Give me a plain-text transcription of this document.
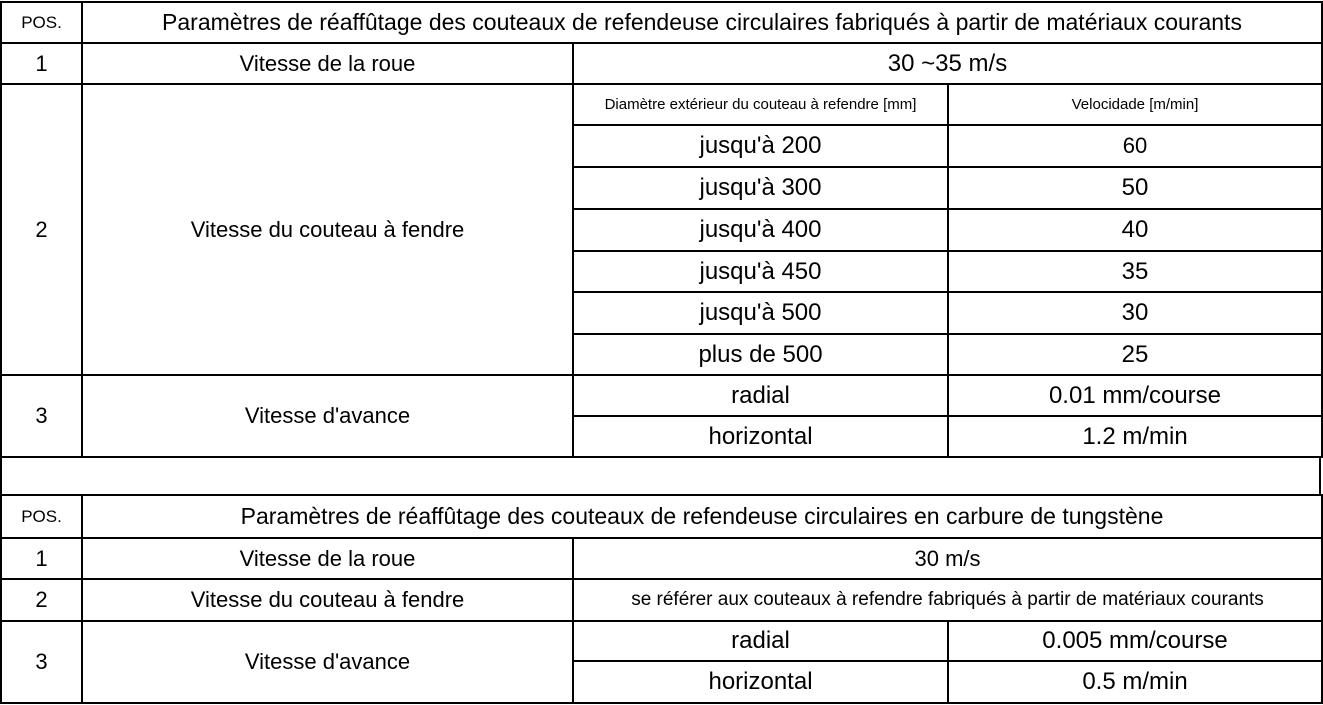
POS.	Paramètres de réaffûtage des couteaux de refendeuse circulaires fabriqués à partir de matériaux courants		
1	Vitesse de la roue	30 ~35 m/s	
2	Vitesse du couteau à fendre	Diamètre extérieur du couteau à refendre [mm]	Velocidade [m/min]
		jusqu'à 200	60
		jusqu'à 300	50
		jusqu'à 400	40
		jusqu'à 450	35
		jusqu'à 500	30
		plus de 500	25
3	Vitesse d'avance	radial	0.01 mm/course
		horizontal	1.2 m/min
POS.	Paramètres de réaffûtage des couteaux de refendeuse circulaires en carbure de tungstène		
1	Vitesse de la roue	30 m/s	
2	Vitesse du couteau à fendre	se référer aux couteaux à refendre fabriqués à partir de matériaux courants	
3	Vitesse d'avance	radial	0.005 mm/course
		horizontal	0.5 m/min
